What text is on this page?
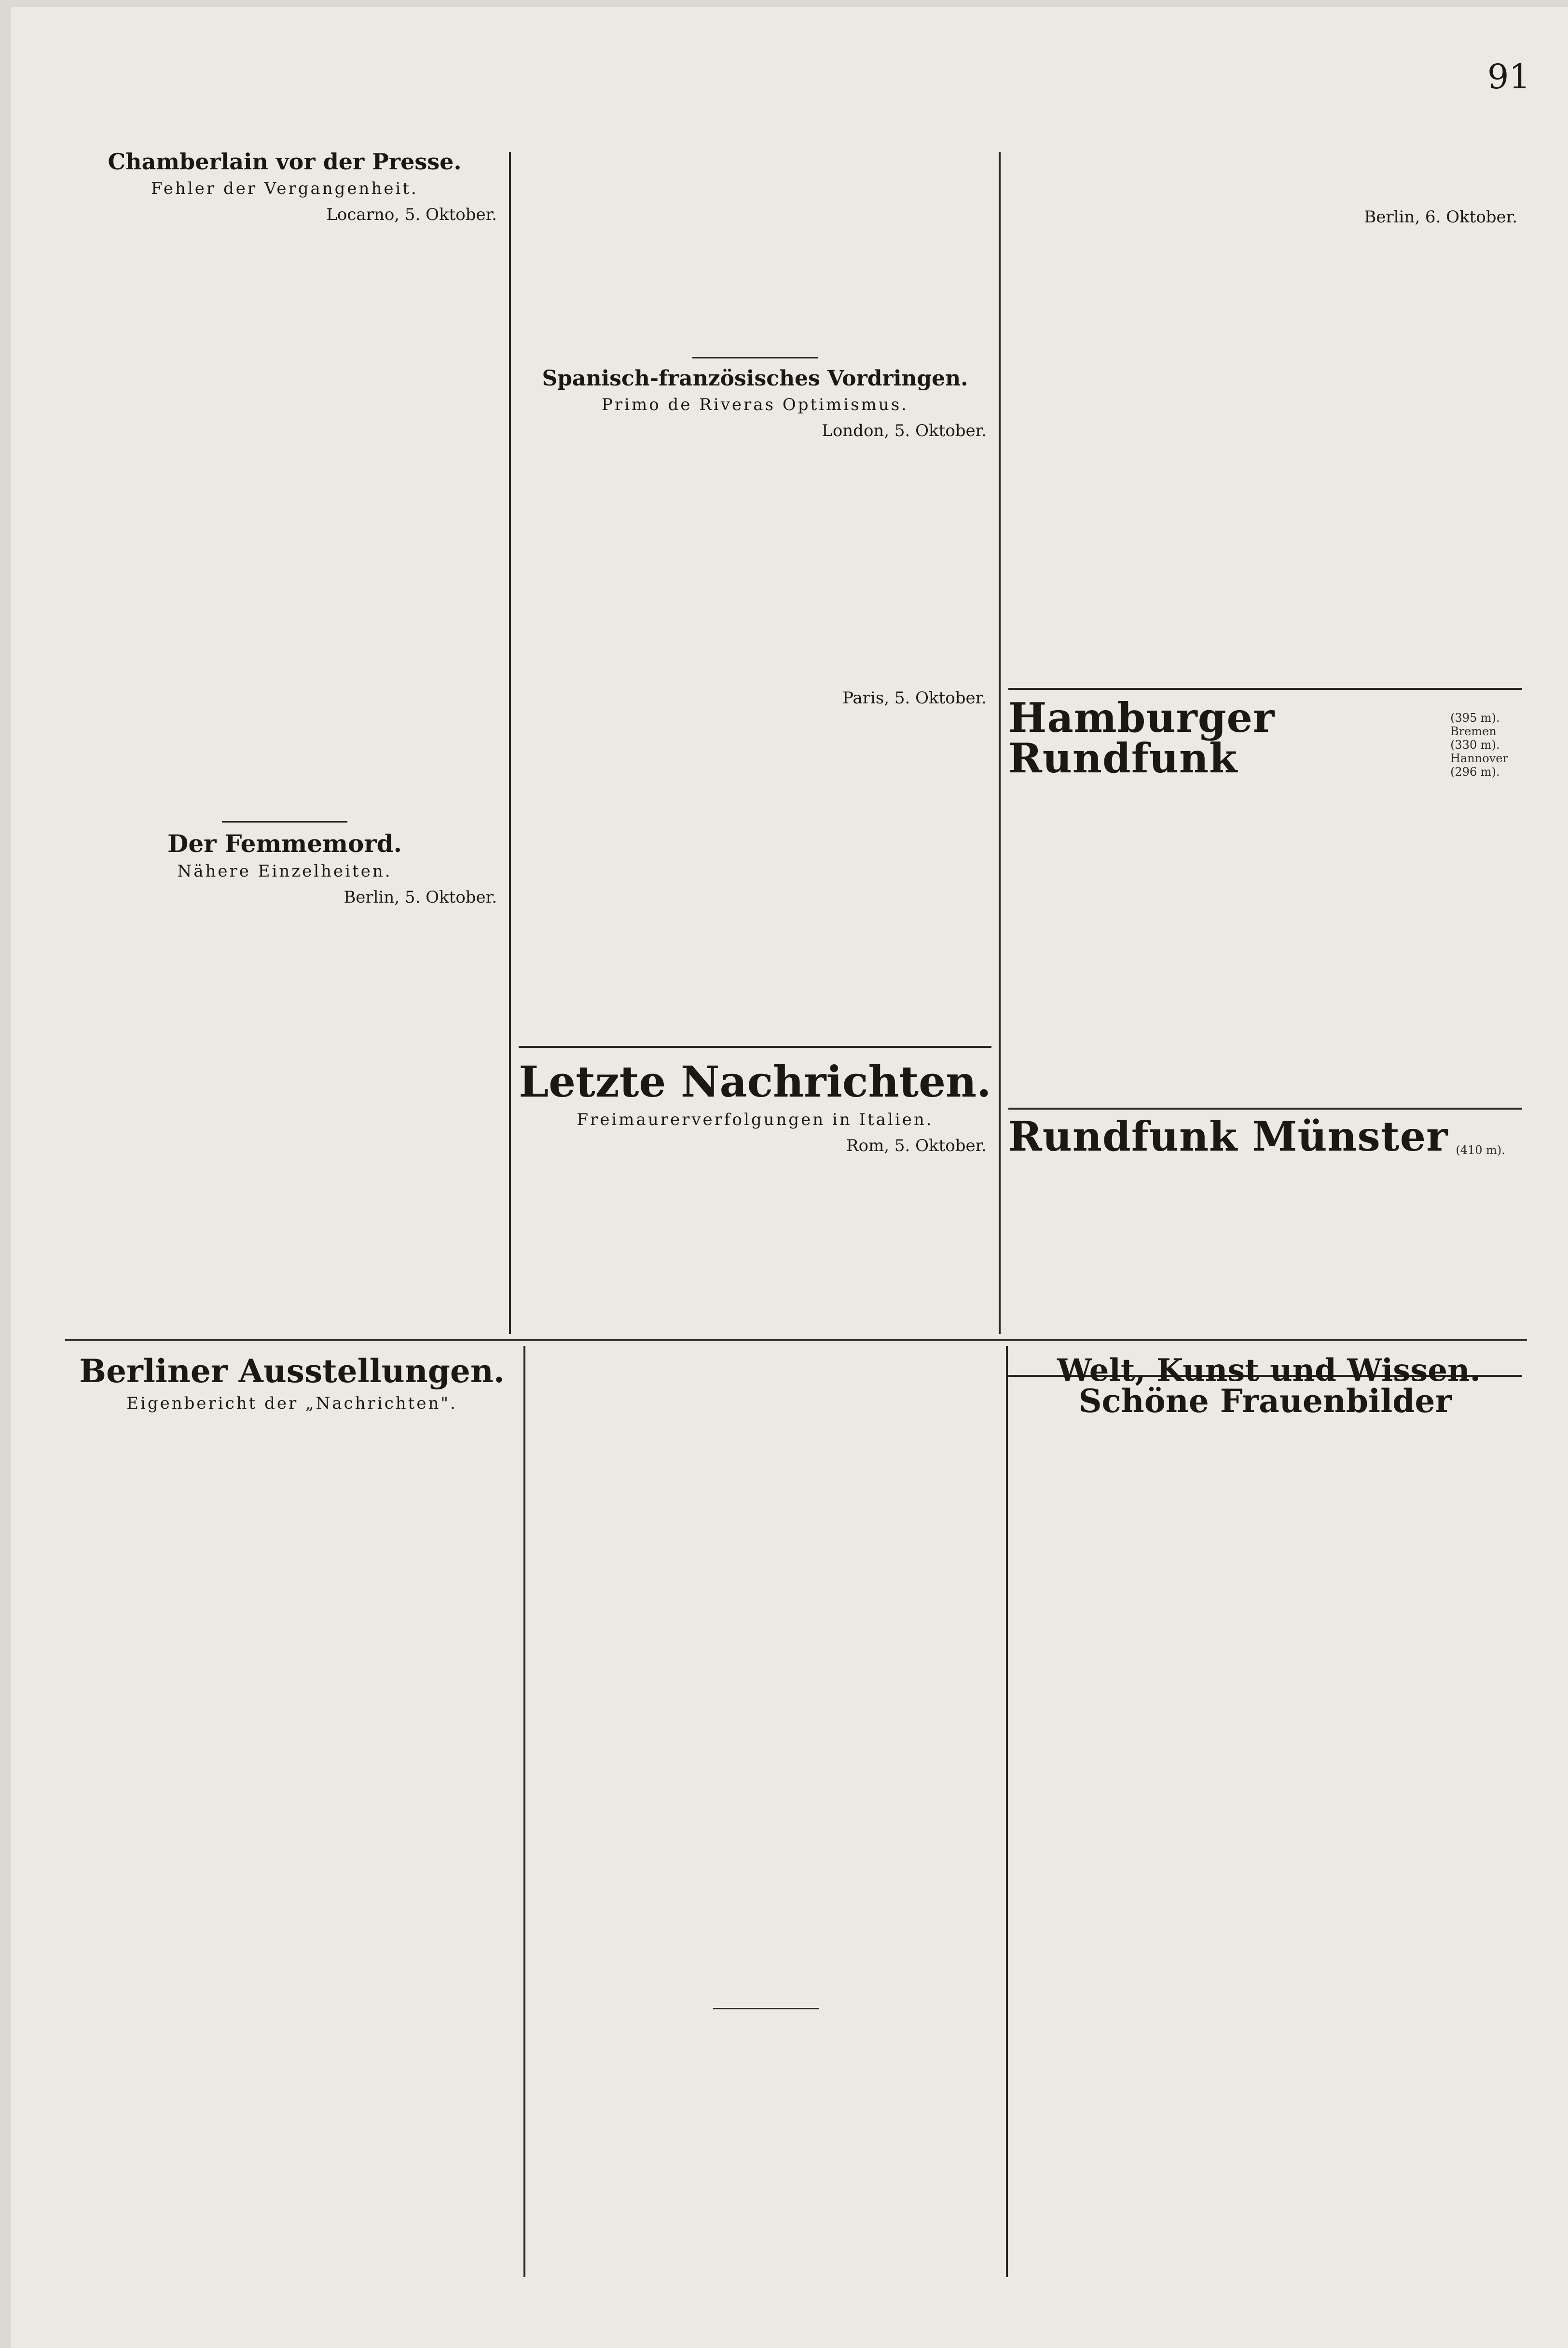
91
Chamberlain vor der Presse.
Fehler der Vergangenheit.
Locarno, 5. Oktober.
Der Femmemord.
Nähere Einzelheiten.
Berlin, 5. Oktober.
Spanisch-französisches Vordringen.
Primo de Riveras Optimismus.
London, 5. Oktober.
Paris, 5. Oktober.
Letzte Nachrichten.
Freimaurerverfolgungen in Italien.
Rom, 5. Oktober.
Berlin, 6. Oktober.
Hamburger Rundfunk
(395 m). Bremen (330 m). Hannover (296 m).
Rundfunk Münster (410 m).
Schöne Frauenbilder
Berliner Ausstellungen.
Eigenbericht der „Nachrichten".
Welt, Kunst und Wissen.
